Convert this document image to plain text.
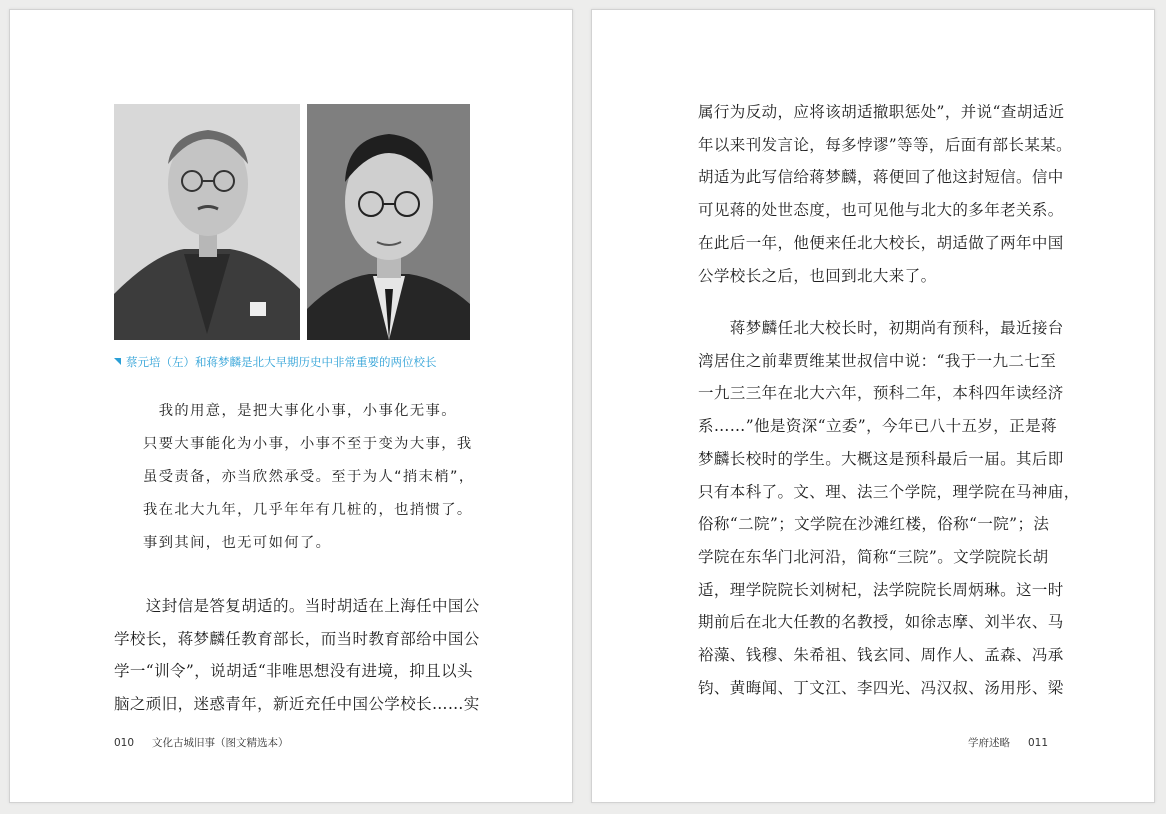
蔡元培（左）和蒋梦麟是北大早期历史中非常重要的两位校长

　我的用意，是把大事化小事，小事化无事。

只要大事能化为小事，小事不至于变为大事，我

虽受责备，亦当欣然承受。至于为人“捎末梢”，

我在北大九年，几乎年年有几桩的，也捎惯了。

事到其间，也无可如何了。

　　这封信是答复胡适的。当时胡适在上海任中国公

学校长，蒋梦麟任教育部长，而当时教育部给中国公

学一“训令”，说胡适“非唯思想没有进境，抑且以头

脑之顽旧，迷惑青年，新近充任中国公学校长……实

010 文化古城旧事（图文精选本）

属行为反动，应将该胡适撤职惩处”，并说“查胡适近

年以来刊发言论，每多悖谬”等等，后面有部长某某。

胡适为此写信给蒋梦麟，蒋便回了他这封短信。信中

可见蒋的处世态度，也可见他与北大的多年老关系。

在此后一年，他便来任北大校长，胡适做了两年中国

公学校长之后，也回到北大来了。

　　蒋梦麟任北大校长时，初期尚有预科，最近接台

湾居住之前辈贾维某世叔信中说：“我于一九二七至

一九三三年在北大六年，预科二年，本科四年读经济

系……”他是资深“立委”，今年已八十五岁，正是蒋

梦麟长校时的学生。大概这是预科最后一届。其后即

只有本科了。文、理、法三个学院，理学院在马神庙，

俗称“二院”；文学院在沙滩红楼，俗称“一院”；法

学院在东华门北河沿，简称“三院”。文学院院长胡

适，理学院院长刘树杞，法学院院长周炳琳。这一时

期前后在北大任教的名教授，如徐志摩、刘半农、马

裕藻、钱穆、朱希祖、钱玄同、周作人、孟森、冯承

钧、黄晦闻、丁文江、李四光、冯汉叔、汤用彤、梁

学府述略 011
